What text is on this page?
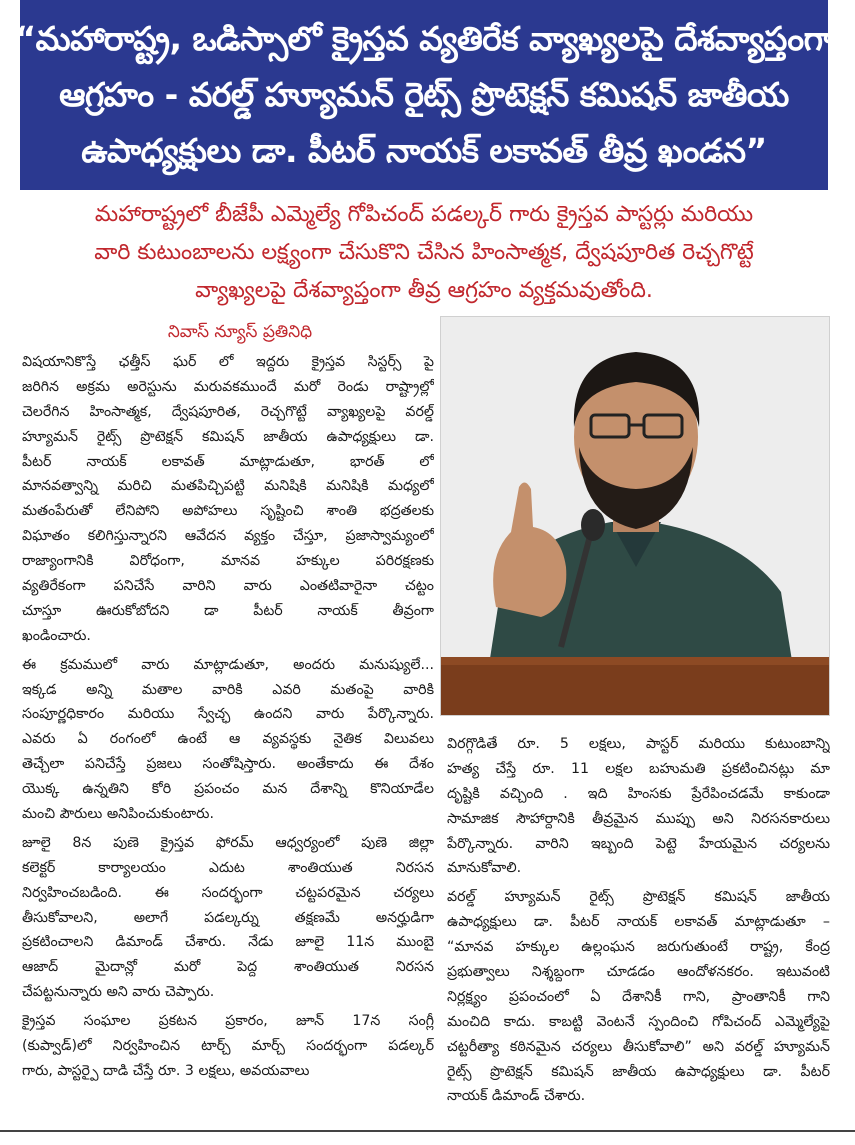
“మహారాష్ట్ర, ఒడిస్సాలో క్రైస్తవ వ్యతిరేక వ్యాఖ్యలపై దేశవ్యాప్తంగా
ఆగ్రహం - వరల్డ్ హ్యూమన్ రైట్స్ ప్రొటెక్షన్ కమిషన్ జాతీయ
ఉపాధ్యక్షులు డా. పీటర్ నాయక్ లకావత్ తీవ్ర ఖండన”
మహారాష్ట్రలో బీజేపీ ఎమ్మెల్యే గోపిచంద్ పడల్కర్ గారు క్రైస్తవ పాస్టర్లు మరియు
వారి కుటుంబాలను లక్ష్యంగా చేసుకొని చేసిన హింసాత్మక, ద్వేషపూరిత రెచ్చగొట్టే
వ్యాఖ్యలపై దేశవ్యాప్తంగా తీవ్ర ఆగ్రహం వ్యక్తమవుతోంది.
నివాస్ న్యూస్ ప్రతినిధి
విషయానికొస్తే ఛత్తీస్ ఘర్ లో ఇద్దరు క్రైస్తవ సిస్టర్స్ పై
జరిగిన అక్రమ అరెస్టును మరువకముందే మరో రెండు రాష్ట్రాల్లో
చెలరేగిన హింసాత్మక, ద్వేషపూరిత, రెచ్చగొట్టే వ్యాఖ్యలపై వరల్డ్
హ్యూమన్ రైట్స్ ప్రొటెక్షన్ కమిషన్ జాతీయ ఉపాధ్యక్షులు డా.
పీటర్ నాయక్ లకావత్ మాట్లాడుతూ, భారత్ లో
మానవత్వాన్ని మరిచి మతపిచ్చిపట్టి మనిషికి మనిషికి మధ్యలో
మతంపేరుతో లేనిపోని అపోహలు సృష్టించి శాంతి భద్రతలకు
విఘాతం కలిగిస్తున్నారని ఆవేదన వ్యక్తం చేస్తూ, ప్రజాస్వామ్యంలో
రాజ్యాంగానికి విరోధంగా, మానవ హక్కుల పరిరక్షణకు
వ్యతిరేకంగా పనిచేసే వారిని వారు ఎంతటివారైనా చట్టం
చూస్తూ ఊరుకోబోదని డా పీటర్ నాయక్ తీవ్రంగా
ఖండించారు.
ఈ క్రమములో వారు మాట్లాడుతూ, అందరు మనుష్యులే...
ఇక్కడ అన్ని మతాల వారికి ఎవరి మతంపై వారికి
సంపూర్ణధికారం మరియు స్వేచ్ఛ ఉందని వారు పేర్కొన్నారు.
ఎవరు ఏ రంగంలో ఉంటే ఆ వ్యవస్థకు నైతిక విలువలు
తెచ్చేలా పనిచేస్తే ప్రజలు సంతోషిస్తారు. అంతేకాదు ఈ దేశం
యొక్క ఉన్నతిని కోరి ప్రపంచం మన దేశాన్ని కొనియాడేల
మంచి పౌరులు అనిపించుకుంటారు.
జూలై 8న పుణె క్రైస్తవ ఫోరమ్ ఆధ్వర్యంలో పుణె జిల్లా
కలెక్టర్ కార్యాలయం ఎదుట శాంతియుత నిరసన
నిర్వహించబడింది. ఈ సందర్భంగా చట్టపరమైన చర్యలు
తీసుకోవాలని, అలాగే పడల్కర్ను తక్షణమే అనర్హుడిగా
ప్రకటించాలని డిమాండ్ చేశారు. నేడు జూలై 11న ముంబై
ఆజాద్ మైదాన్లో మరో పెద్ద శాంతియుత నిరసన
చేపట్టనున్నారు అని వారు చెప్పారు.
క్రైస్తవ సంఘాల ప్రకటన ప్రకారం, జూన్ 17న సంగ్లీ
(కుప్వాడ్)లో నిర్వహించిన టార్చ్ మార్చ్ సందర్భంగా పడల్కర్
గారు, పాస్టర్పై దాడి చేస్తే రూ. 3 లక్షలు, అవయవాలు
విరగ్గొడితే రూ. 5 లక్షలు, పాస్టర్ మరియు కుటుంబాన్ని
హత్య చేస్తే రూ. 11 లక్షల బహుమతి ప్రకటించినట్లు మా
దృష్టికి వచ్చింది . ఇది హింసకు ప్రేరేపించడమే కాకుండా
సామాజిక సౌహార్దానికి తీవ్రమైన ముప్పు అని నిరసనకారులు
పేర్కొన్నారు. వారిని ఇబ్బంది పెట్టె హేయమైన చర్యలను
మానుకోవాలి.
వరల్డ్ హ్యూమన్ రైట్స్ ప్రొటెక్షన్ కమిషన్ జాతీయ
ఉపాధ్యక్షులు డా. పీటర్ నాయక్ లకావత్ మాట్లాడుతూ –
“మానవ హక్కుల ఉల్లంఘన జరుగుతుంటే రాష్ట్ర, కేంద్ర
ప్రభుత్వాలు నిశ్శబ్దంగా చూడడం ఆందోళనకరం. ఇటువంటి
నిర్లక్ష్యం ప్రపంచంలో ఏ దేశానికీ గాని, ప్రాంతానికీ గాని
మంచిది కాదు. కాబట్టి వెంటనే స్పందించి గోపిచంద్ ఎమ్మెల్యేపై
చట్టరీత్యా కఠినమైన చర్యలు తీసుకోవాలి” అని వరల్డ్ హ్యూమన్
రైట్స్ ప్రొటెక్షన్ కమిషన్ జాతీయ ఉపాధ్యక్షులు డా. పీటర్
నాయక్ డిమాండ్ చేశారు.
